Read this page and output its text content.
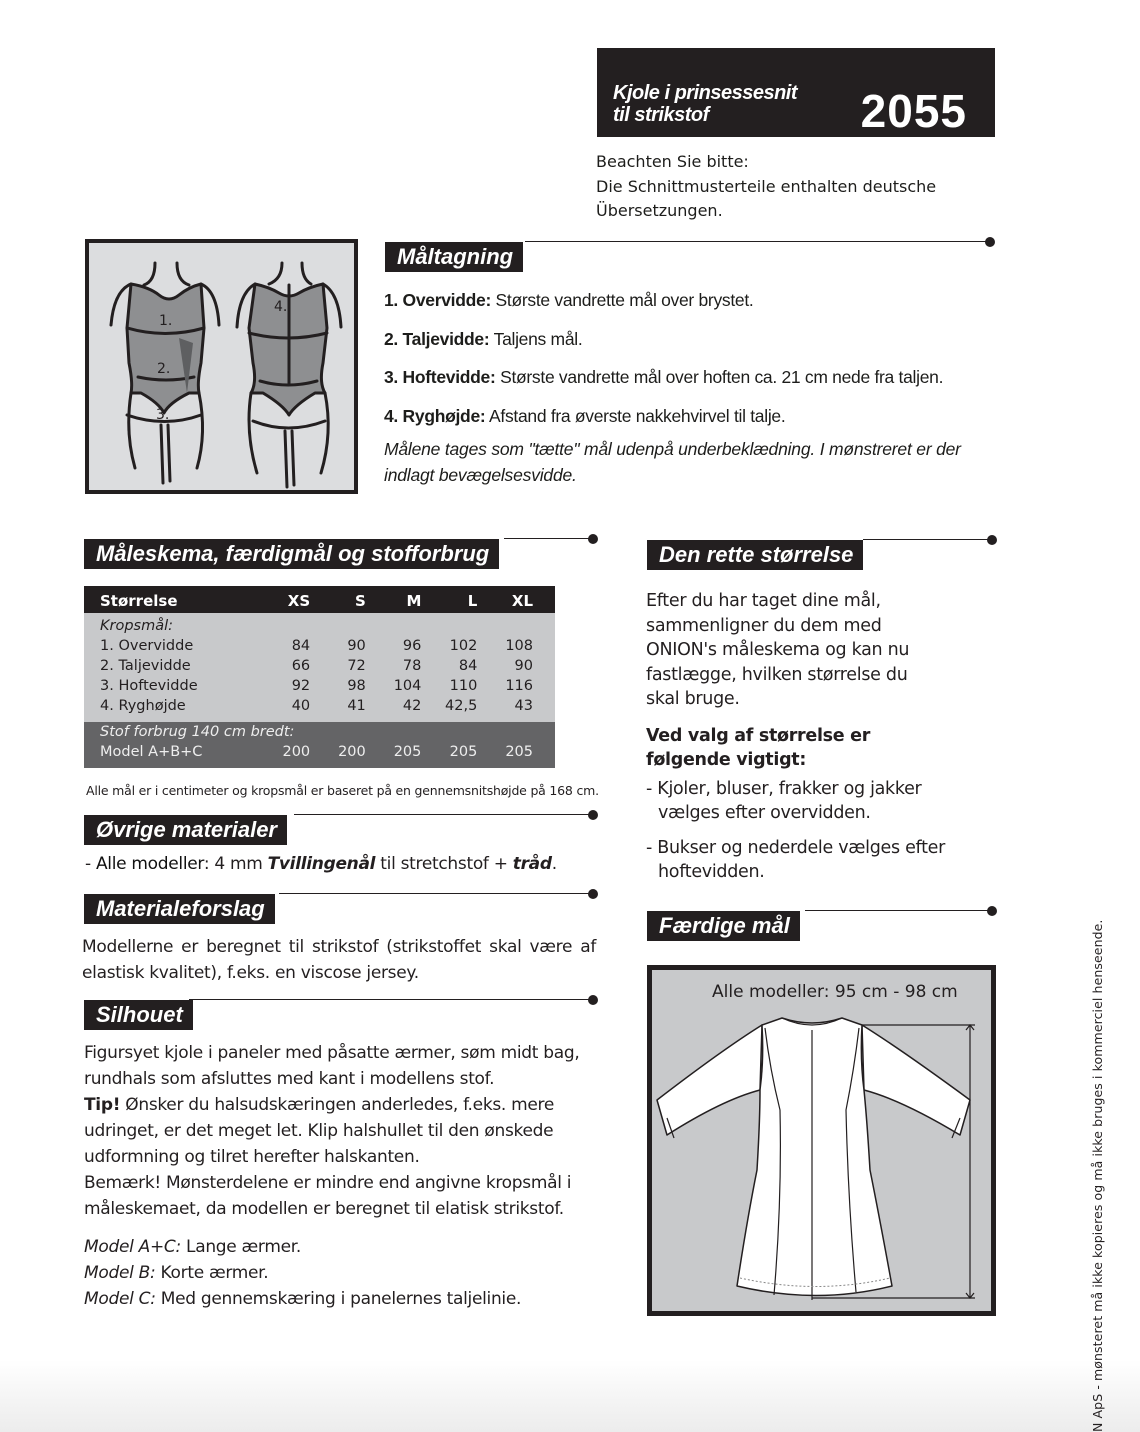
Kjole i prinsessesnit
til strikstof	2055
Beachten Sie bitte:
Die Schnittmusterteile enthalten deutsche
Übersetzungen.
1.
2.
3.
4.
Måltagning
1. Overvidde: Største vandrette mål over brystet.
2. Taljevidde: Taljens mål.
3. Hoftevidde: Største vandrette mål over hoften ca. 21 cm nede fra taljen.
4. Ryghøjde: Afstand fra øverste nakkehvirvel til talje.
Målene tages som "tætte" mål udenpå underbeklædning. I mønstreret er der indlagt bevægelsesvidde.
Måleskema, færdigmål og stofforbrug
Størrelse	XS	S	M	L	XL
Kropsmål:					
1. Overvidde	84	90	96	102	108
2. Taljevidde	66	72	78	84	90
3. Hoftevidde	92	98	104	110	116
4. Ryghøjde	40	41	42	42,5	43
Stof forbrug 140 cm bredt:					
Model A+B+C	200	200	205	205	205
Alle mål er i centimeter og kropsmål er baseret på en gennemsnitshøjde på 168 cm.
Øvrige materialer
- Alle modeller: 4 mm Tvillingenål til stretchstof + tråd.
Materialeforslag
Modellerne er beregnet til strikstof (strikstoffet skal være af elastisk kvalitet), f.eks. en viscose jersey.
Silhouet
Figursyet kjole i paneler med påsatte ærmer, søm midt bag, rundhals som afsluttes med kant i modellens stof.
Tip! Ønsker du halsudskæringen anderledes, f.eks. mere udringet, er det meget let. Klip halshullet til den ønskede udformning og tilret herefter halskanten.
Bemærk! Mønsterdelene er mindre end angivne kropsmål i måleskemaet, da modellen er beregnet til elatisk strikstof.
Model A+C: Lange ærmer.
Model B: Korte ærmer.
Model C: Med gennemskæring i panelernes taljelinie.
Den rette størrelse
Efter du har taget dine mål, sammenligner du dem med ONION's måleskema og kan nu fastlægge, hvilken størrelse du skal bruge.
Ved valg af størrelse er følgende vigtigt:
- Kjoler, bluser, frakker og jakker vælges efter overvidden.
- Bukser og nederdele vælges efter hoftevidden.
Færdige mål
Alle modeller: 95 cm - 98 cm	N ApS - mønsteret må ikke kopieres og må ikke bruges i kommerciel henseende.
